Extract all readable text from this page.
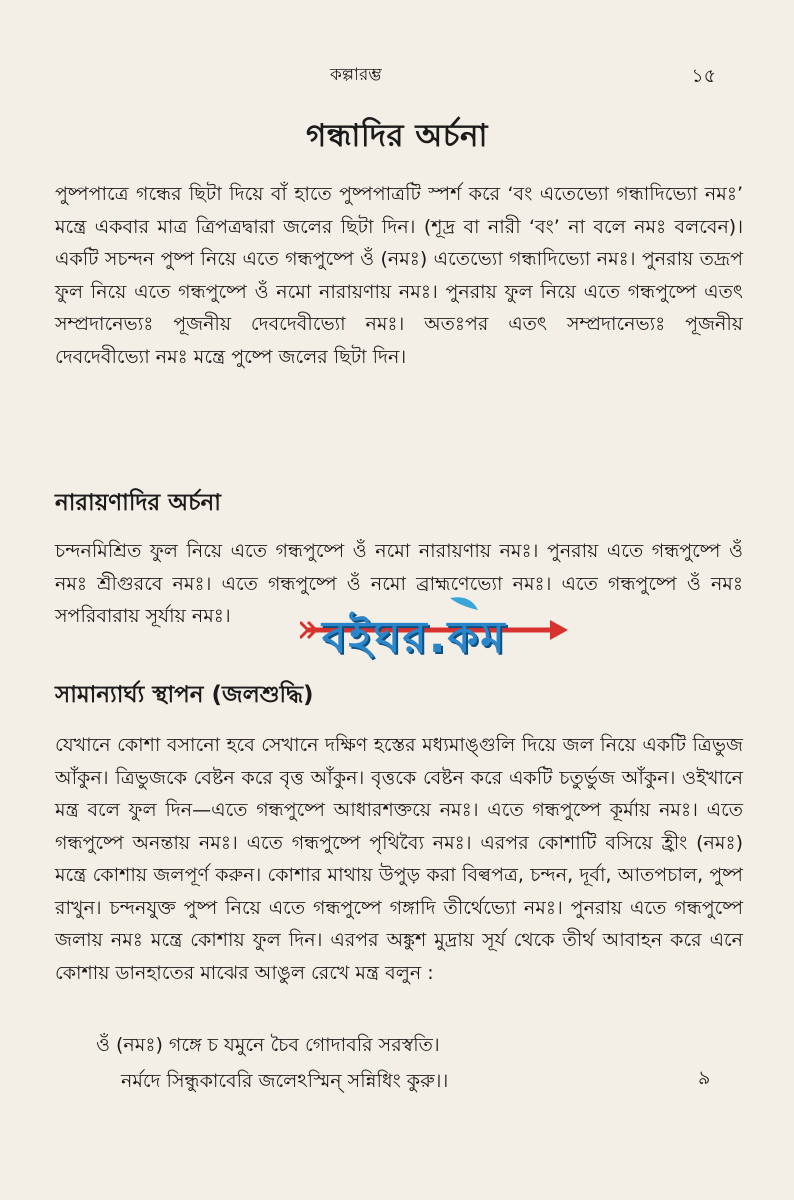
কল্পারম্ভ	১৫
গন্ধাদির অর্চনা

পুষ্পপাত্রে গন্ধের ছিটা দিয়ে বাঁ হাতে পুষ্পপাত্রটি স্পর্শ করে ‘বং এতেভ্যো গন্ধাদিভ্যো নমঃ’ মন্ত্রে একবার মাত্র ত্রিপত্রদ্বারা জলের ছিটা দিন। (শূদ্র বা নারী ‘বং’ না বলে নমঃ বলবেন)। একটি সচন্দন পুষ্প নিয়ে এতে গন্ধপুষ্পে ওঁ (নমঃ) এতেভ্যো গন্ধাদিভ্যো নমঃ। পুনরায় তদ্রূপ ফুল নিয়ে এতে গন্ধপুষ্পে ওঁ নমো নারায়ণায় নমঃ। পুনরায় ফুল নিয়ে এতে গন্ধপুষ্পে এতৎ সম্প্রদানেভ্যঃ পূজনীয় দেবদেবীভ্যো নমঃ। অতঃপর এতৎ সম্প্রদানেভ্যঃ পূজনীয় দেবদেবীভ্যো নমঃ মন্ত্রে পুষ্পে জলের ছিটা দিন।

নারায়ণাদির অর্চনা

চন্দনমিশ্রিত ফুল নিয়ে এতে গন্ধপুষ্পে ওঁ নমো নারায়ণায় নমঃ। পুনরায় এতে গন্ধপুষ্পে ওঁ নমঃ শ্রীগুরবে নমঃ। এতে গন্ধপুষ্পে ওঁ নমো ব্রাহ্মণেভ্যো নমঃ। এতে গন্ধপুষ্পে ওঁ নমঃ সপরিবারায় সূর্যায় নমঃ।

সামান্যার্ঘ্য স্থাপন (জলশুদ্ধি)

যেখানে কোশা বসানো হবে সেখানে দক্ষিণ হস্তের মধ্যমাঙ্গুলি দিয়ে জল নিয়ে একটি ত্রিভুজ আঁকুন। ত্রিভুজকে বেষ্টন করে বৃত্ত আঁকুন। বৃত্তকে বেষ্টন করে একটি চতুর্ভুজ আঁকুন। ওইখানে মন্ত্র বলে ফুল দিন—এতে গন্ধপুষ্পে আধারশক্তয়ে নমঃ। এতে গন্ধপুষ্পে কূর্মায় নমঃ। এতে গন্ধপুষ্পে অনন্তায় নমঃ। এতে গন্ধপুষ্পে পৃথিব্যৈ নমঃ। এরপর কোশাটি বসিয়ে হ্রীং (নমঃ) মন্ত্রে কোশায় জলপূর্ণ করুন। কোশার মাথায় উপুড় করা বিল্বপত্র, চন্দন, দূর্বা, আতপচাল, পুষ্প রাখুন। চন্দনযুক্ত পুষ্প নিয়ে এতে গন্ধপুষ্পে গঙ্গাদি তীর্থেভ্যো নমঃ। পুনরায় এতে গন্ধপুষ্পে জলায় নমঃ মন্ত্রে কোশায় ফুল দিন। এরপর অঙ্কুশ মুদ্রায় সূর্য থেকে তীর্থ আবাহন করে এনে কোশায় ডানহাতের মাঝের আঙুল রেখে মন্ত্র বলুন :

ওঁ (নমঃ) গঙ্গে চ যমুনে চৈব গোদাবরি সরস্বতি।

নর্মদে সিন্ধুকাবেরি জলেঽস্মিন্ সন্নিধিং কুরু।।	৯
বইঘর.কম
